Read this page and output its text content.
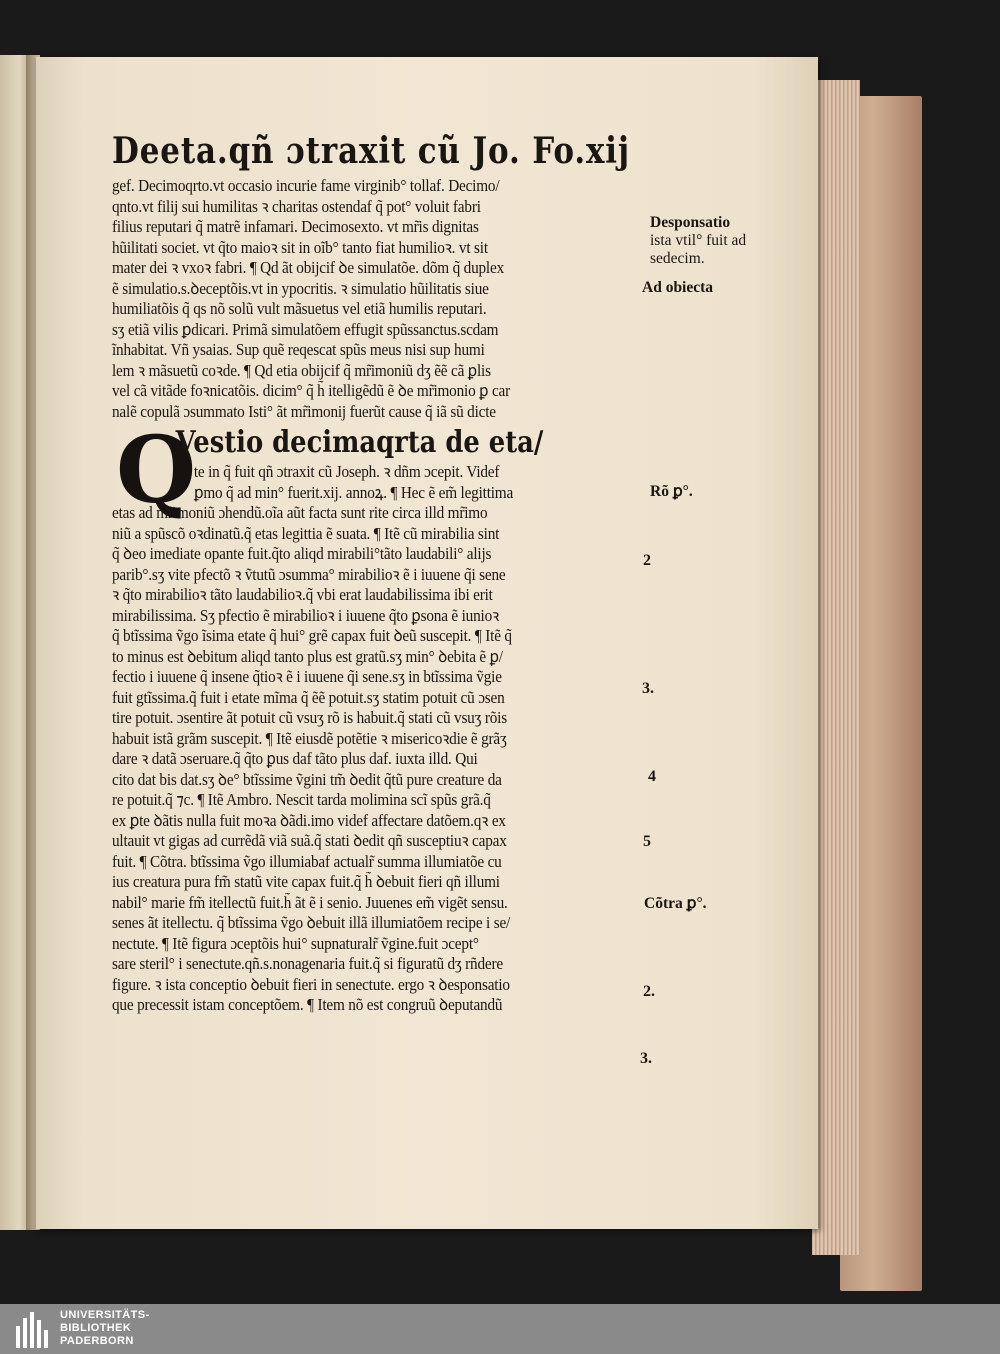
Deeta.qñ ɔtraxit cũ Jo. Fo.xij
gef. Decimoqrto.vt occasio incurie fame virginib° tollaf. Decimo/
qnto.vt filij sui humilitas ꝛ charitas ostendaf q̃ pot° voluit fabri
filius reputari q̃ matrẽ infamari. Decimosexto. vt mr̃is dignitas
hũilitati societ. vt q̃to maioꝛ sit in oĩb° tanto fiat humilioꝛ. vt sit
mater dei ꝛ vxoꝛ fabri. ¶ Qd ãt obijcif ꝺe simulatõe. dõm q̃ duplex
ẽ simulatio.s.ꝺeceptõis.vt in ypocritis. ꝛ simulatio hũilitatis siue
humiliatõis q̃ qs nõ solũ vult mãsuetus vel etiã humilis reputari.
sʒ etiã vilis ꝑdicari. Primã simulatõem effugit spũssanctus.scdam
ĩnhabitat. Vñ ysaias. Sup quẽ reqescat spũs meus nisi sup humi
lem ꝛ mãsuetũ coꝛde. ¶ Qd etia obijcif q̃ mr̃imoniũ dʒ ẽẽ cã ꝑlis
vel cã vitãde foꝛnicatõis. dicim° q̃ h̃ itelligẽdũ ẽ ꝺe mr̃imonio ꝑ car
nalẽ copulã ɔsummato Isti° ãt mr̃imonij fuerũt cause q̃ iã sũ dicte
Q
Vestio decimaqrta de eta/
te in q̃ fuit qñ ɔtraxit cũ Joseph. ꝛ dñm ɔcepit. Videf
ꝑmo q̃ ad min° fuerit.xij. annoꝝ. ¶ Hec ẽ em̃ legittima
etas ad mr̃imoniũ ɔhendũ.oĩa aũt facta sunt rite circa illd mr̃imo
niũ a spũscõ oꝛdinatũ.q̃ etas legittia ẽ suata. ¶ Itẽ cũ mirabilia sint
q̃ ꝺeo imediate opante fuit.q̃to aliqd mirabili°tãto laudabili° alijs
parib°.sʒ vite pfectõ ꝛ ṽtutũ ɔsumma° mirabilioꝛ ẽ i iuuene q̃i sene
ꝛ q̃to mirabilioꝛ tãto laudabilioꝛ.q̃ vbi erat laudabilissima ibi erit
mirabilissima. Sʒ pfectio ẽ mirabilioꝛ i iuuene q̃to ꝑsona ẽ iunioꝛ
q̃ btĩssima ṽgo ĩsima etate q̃ hui° grẽ capax fuit ꝺeũ suscepit. ¶ Itẽ q̃
to minus est ꝺebitum aliqd tanto plus est gratũ.sʒ min° ꝺebita ẽ ꝑ/
fectio i iuuene q̃ insene q̃tioꝛ ẽ i iuuene q̃i sene.sʒ in btĩssima ṽgie
fuit gtĩssima.q̃ fuit i etate mĩma q̃ ẽẽ potuit.sʒ statim potuit cũ ɔsen
tire potuit. ɔsentire ãt potuit cũ vsuʒ rõ is habuit.q̃ stati cũ vsuʒ rõis
habuit istã grãm suscepit. ¶ Itẽ eiusdẽ potẽtie ꝛ misericoꝛdie ẽ grãʒ
dare ꝛ datã ɔseruare.q̃ q̃to ꝑus daf tãto plus daf. iuxta illd. Qui
cito dat bis dat.sʒ ꝺe° btĩssime ṽgini tm̃ ꝺedit q̃tũ pure creature da
re potuit.q̃ ⁊c. ¶ Itẽ Ambro. Nescit tarda molimina scĩ spũs grã.q̃
ex ꝑte ꝺãtis nulla fuit moꝛa ꝺãdi.imo videf affectare datõem.qꝛ ex
ultauit vt gigas ad currẽdã viã suã.q̃ stati ꝺedit qñ susceptiuꝛ capax
fuit. ¶ Cõtra. btĩssima ṽgo illumiabaf actualr̃ summa illumiatõe cu
ius creatura pura fm̃ statũ vite capax fuit.q̃ h̃ ꝺebuit fieri qñ illumi
nabil° marie fm̃ itellectũ fuit.h̃ ãt ẽ i senio. Juuenes em̃ vigẽt sensu.
senes ãt itellectu. q̃ btĩssima ṽgo ꝺebuit illã illumiatõem recipe i se/
nectute. ¶ Itẽ figura ɔceptõis hui° supnaturalr̃ ṽgine.fuit ɔcept°
sare steril° i senectute.qñ.s.nonagenaria fuit.q̃ si figuratũ dʒ rñdere
figure. ꝛ ista conceptio ꝺebuit fieri in senectute. ergo ꝛ ꝺesponsatio
que precessit istam conceptõem. ¶ Item nõ est congruũ ꝺeputandũ
Desponsatio
ista vtil° fuit ad
sedecim.
Ad obiecta
Rõ ꝑ°.
2
3.
4
5
Cõtra ꝑ°.
2.
3.
UNIVERSITÄTS-
BIBLIOTHEK
PADERBORN
